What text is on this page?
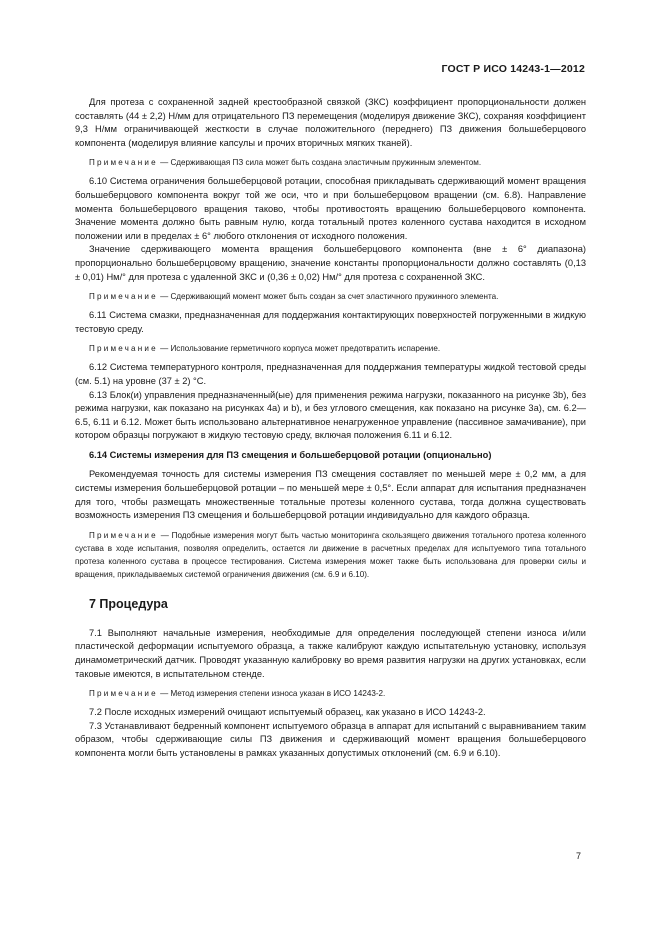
ГОСТ Р ИСО 14243-1—2012

Для протеза с сохраненной задней крестообразной связкой (ЗКС) коэффициент пропорциональности должен составлять (44 ± 2,2) Н/мм для отрицательного ПЗ перемещения (моделируя движение ЗКС), сохраняя коэффициент 9,3 Н/мм ограничивающей жесткости в случае положительного (переднего) ПЗ движения большеберцового компонента (моделируя влияние капсулы и прочих вторичных мягких тканей).

Примечание — Сдерживающая ПЗ сила может быть создана эластичным пружинным элементом.

6.10 Система ограничения большеберцовой ротации, способная прикладывать сдерживающий момент вращения большеберцового компонента вокруг той же оси, что и при большеберцовом вращении (см. 6.8). Направление момента большеберцового вращения таково, чтобы противостоять вращению большеберцового компонента. Значение момента должно быть равным нулю, когда тотальный протез коленного сустава находится в исходном положении или в пределах ± 6° любого отклонения от исходного положения.

Значение сдерживающего момента вращения большеберцового компонента (вне ± 6° диапазона) пропорционально большеберцовому вращению, значение константы пропорциональности должно составлять (0,13 ± 0,01) Нм/° для протеза с удаленной ЗКС и (0,36 ± 0,02) Нм/° для протеза с сохраненной ЗКС.

Примечание — Сдерживающий момент может быть создан за счет эластичного пружинного элемента.

6.11 Система смазки, предназначенная для поддержания контактирующих поверхностей погруженными в жидкую тестовую среду.

Примечание — Использование герметичного корпуса может предотвратить испарение.

6.12 Система температурного контроля, предназначенная для поддержания температуры жидкой тестовой среды (см. 5.1) на уровне (37 ± 2) °С.

6.13 Блок(и) управления предназначенный(ые) для применения режима нагрузки, показанного на рисунке 3b), без режима нагрузки, как показано на рисунках 4a) и b), и без углового смещения, как показано на рисунке 3a), см. 6.2—6.5, 6.11 и 6.12. Может быть использовано альтернативное ненагруженное управление (пассивное замачивание), при котором образцы погружают в жидкую тестовую среду, включая положения 6.11 и 6.12.

6.14 Системы измерения для ПЗ смещения и большеберцовой ротации (опционально)

Рекомендуемая точность для системы измерения ПЗ смещения составляет по меньшей мере ± 0,2 мм, а для системы измерения большеберцовой ротации – по меньшей мере ± 0,5°. Если аппарат для испытания предназначен для того, чтобы размещать множественные тотальные протезы коленного сустава, тогда должна существовать возможность измерения ПЗ смещения и большеберцовой ротации индивидуально для каждого образца.

Примечание — Подобные измерения могут быть частью мониторинга скользящего движения тотального протеза коленного сустава в ходе испытания, позволяя определить, остается ли движение в расчетных пределах для испытуемого типа тотального протеза коленного сустава в процессе тестирования. Система измерения может также быть использована для проверки силы и вращения, прикладываемых системой ограничения движения (см. 6.9 и 6.10).
7 Процедура

7.1 Выполняют начальные измерения, необходимые для определения последующей степени износа и/или пластической деформации испытуемого образца, а также калибруют каждую испытательную установку, используя динамометрический датчик. Проводят указанную калибровку во время развития нагрузки на других установках, если таковые имеются, в испытательном стенде.

Примечание — Метод измерения степени износа указан в ИСО 14243-2.

7.2 После исходных измерений очищают испытуемый образец, как указано в ИСО 14243-2.

7.3 Устанавливают бедренный компонент испытуемого образца в аппарат для испытаний с выравниванием таким образом, чтобы сдерживающие силы ПЗ движения и сдерживающий момент вращения большеберцового компонента могли быть установлены в рамках указанных допустимых отклонений (см. 6.9 и 6.10).

7
